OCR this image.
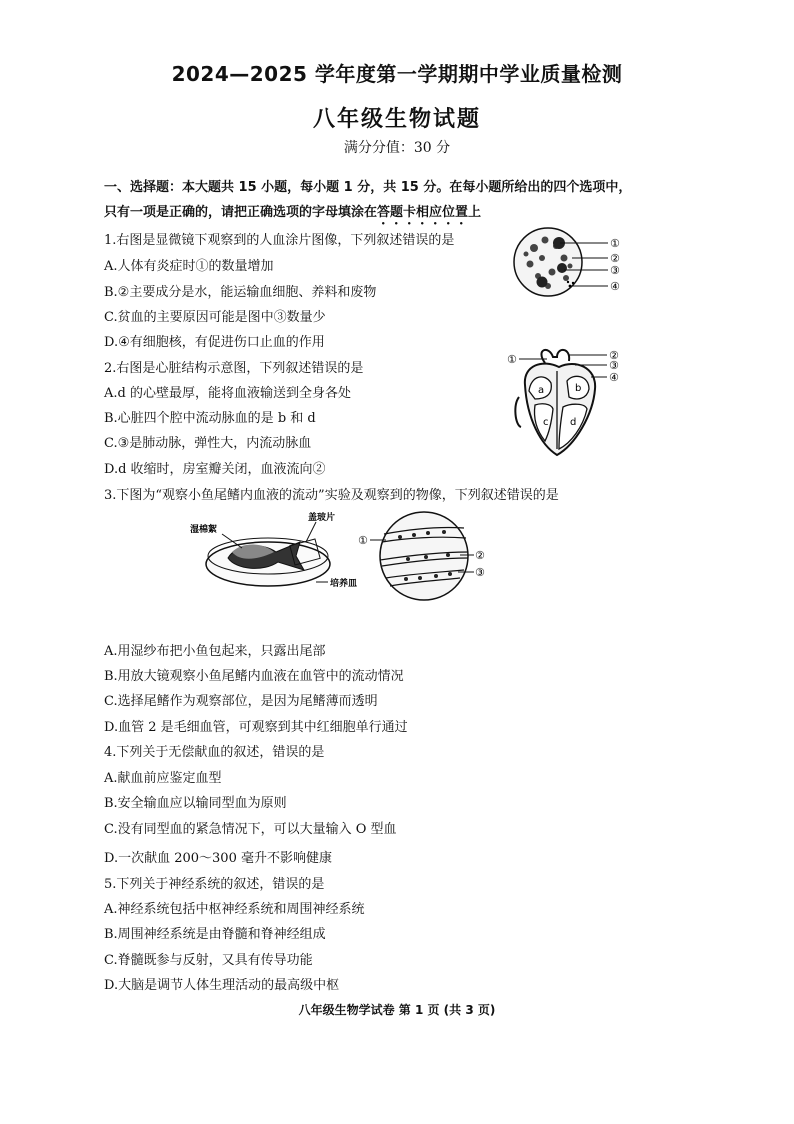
2024—2025 学年度第一学期期中学业质量检测
八年级生物试题
满分分值：30 分
一、选择题：本大题共 15 小题，每小题 1 分，共 15 分。在每小题所给出的四个选项中，
只有一项是正确的，请把正确选项的字母填涂在答题卡相应位置上
1.右图是显微镜下观察到的人血涂片图像，下列叙述错误的是
A.人体有炎症时①的数量增加
B.②主要成分是水，能运输血细胞、养料和废物
C.贫血的主要原因可能是图中③数量少
D.④有细胞核，有促进伤口止血的作用
2.右图是心脏结构示意图，下列叙述错误的是
A.d 的心壁最厚，能将血液输送到全身各处
B.心脏四个腔中流动脉血的是 b 和 d
C.③是肺动脉，弹性大，内流动脉血
D.d 收缩时，房室瓣关闭，血液流向②
3.下图为“观察小鱼尾鳍内血液的流动”实验及观察到的物像，下列叙述错误的是
A.用湿纱布把小鱼包起来，只露出尾部
B.用放大镜观察小鱼尾鳍内血液在血管中的流动情况
C.选择尾鳍作为观察部位，是因为尾鳍薄而透明
D.血管 2 是毛细血管，可观察到其中红细胞单行通过
4.下列关于无偿献血的叙述，错误的是
A.献血前应鉴定血型
B.安全输血应以输同型血为原则
C.没有同型血的紧急情况下，可以大量输入 O 型血
D.一次献血 200～300 毫升不影响健康
5.下列关于神经系统的叙述，错误的是
A.神经系统包括中枢神经系统和周围神经系统
B.周围神经系统是由脊髓和脊神经组成
C.脊髓既参与反射，又具有传导功能
D.大脑是调节人体生理活动的最高级中枢
①
②
③
④
①	②
③
④
a	b
c d
湿棉絮
盖玻片
培养皿
①
②
③
八年级生物学试卷 第 1 页 (共 3 页)
